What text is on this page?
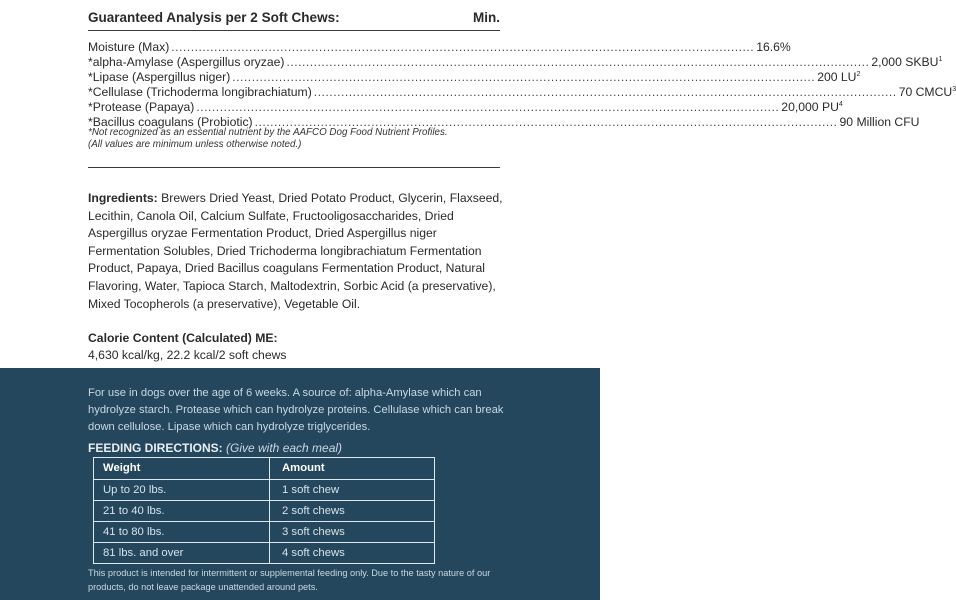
Guaranteed Analysis per 2 Soft Chews:	Min.
Moisture (Max) ...................................................................................................................................................... 16.6%
*alpha-Amylase (Aspergillus oryzae) ...................................................................................................................................................... 2,000 SKBU$^1$
*Lipase (Aspergillus niger) ...................................................................................................................................................... 200 $LU^2$
*Cellulase (Trichoderma longibrachiatum) ...................................................................................................................................................... 70 CMCU$^3$
*Protease (Papaya) ...................................................................................................................................................... 20,000 $PU^4$
*Bacillus coagulans (Probiotic) ...................................................................................................................................................... 90 Million CFU
*Not recognized as an essential nutrient by the AAFCO Dog Food Nutrient Profiles.
(All values are minimum unless otherwise noted.)
Ingredients: Brewers Dried Yeast, Dried Potato Product, Glycerin, Flaxseed, Lecithin, Canola Oil, Calcium Sulfate, Fructooligosaccharides, Dried Aspergillus oryzae Fermentation Product, Dried Aspergillus niger Fermentation Solubles, Dried Trichoderma longibrachiatum Fermentation Product, Papaya, Dried Bacillus coagulans Fermentation Product, Natural Flavoring, Water, Tapioca Starch, Maltodextrin, Sorbic Acid (a preservative), Mixed Tocopherols (a preservative), Vegetable Oil.
Calorie Content (Calculated) ME:
4,630 kcal/kg, 22.2 kcal/2 soft chews
For use in dogs over the age of 6 weeks. A source of: alpha-Amylase which can hydrolyze starch. Protease which can hydrolyze proteins. Cellulase which can break down cellulose. Lipase which can hydrolyze triglycerides.
FEEDING DIRECTIONS: (Give with each meal)
Weight	Amount
Up to 20 lbs.	1 soft chew
21 to 40 lbs.	2 soft chews
41 to 80 lbs.	3 soft chews
81 lbs. and over	4 soft chews
This product is intended for intermittent or supplemental feeding only. Due to the tasty nature of our products, do not leave package unattended around pets.
